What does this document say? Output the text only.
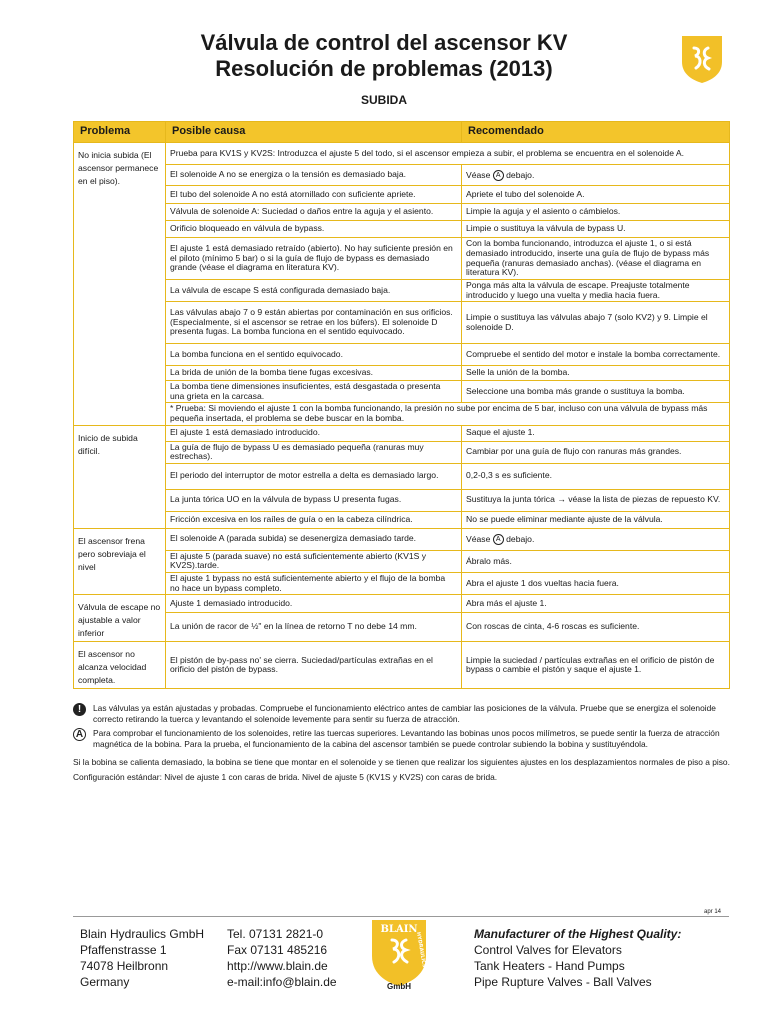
Válvula de control del ascensor KV
Resolución de problemas (2013)
SUBIDA
Problema	Posible causa	Recomendado
No inicia subida (El ascensor permanece en el piso).	Prueba para KV1S y KV2S: Introduzca el ajuste 5 del todo, si el ascensor empieza a subir, el problema se encuentra en el solenoide A.	
	El solenoide A no se energiza o la tensión es demasiado baja.	Véase A debajo.
	El tubo del solenoide A no está atornillado con suficiente apriete.	Apriete el tubo del solenoide A.
	Válvula de solenoide A: Suciedad o daños entre la aguja y el asiento.	Limpie la aguja y el asiento o cámbielos.
	Orificio bloqueado en válvula de bypass.	Limpie o sustituya la válvula de bypass U.
	El ajuste 1 está demasiado retraído (abierto). No hay suficiente presión en el piloto (mínimo 5 bar) o si la guía de flujo de bypass es demasiado grande (véase el diagrama en literatura KV).	Con la bomba funcionando, introduzca el ajuste 1, o si está demasiado introducido, inserte una guía de flujo de bypass más pequeña (ranuras demasiado anchas). (véase el diagrama en literatura KV).
	La válvula de escape S está configurada demasiado baja.	Ponga más alta la válvula de escape. Preajuste totalmente introducido y luego una vuelta y media hacia fuera.
	Las válvulas abajo 7 o 9 están abiertas por contaminación en sus orificios. (Especialmente, si el ascensor se retrae en los búfers). El solenoide D presenta fugas. La bomba funciona en el sentido equivocado.	Limpie o sustituya las válvulas abajo 7 (solo KV2) y 9. Limpie el solenoide D.
	La bomba funciona en el sentido equivocado.	Compruebe el sentido del motor e instale la bomba correctamente.
	La brida de unión de la bomba tiene fugas excesivas.	Selle la unión de la bomba.
	La bomba tiene dimensiones insuficientes, está desgastada o presenta una grieta en la carcasa.	Seleccione una bomba más grande o sustituya la bomba.
	* Prueba: Si moviendo el ajuste 1 con la bomba funcionando, la presión no sube por encima de 5 bar, incluso con una válvula de bypass más pequeña insertada, el problema se debe buscar en la bomba.	
Inicio de subida difícil.	El ajuste 1 está demasiado introducido.	Saque el ajuste 1.
	La guía de flujo de bypass U es demasiado pequeña (ranuras muy estrechas).	Cambiar por una guía de flujo con ranuras más grandes.
	El periodo del interruptor de motor estrella a delta es demasiado largo.	0,2-0,3 s es suficiente.
	La junta tórica UO en la válvula de bypass U presenta fugas.	Sustituya la junta tórica → véase la lista de piezas de repuesto KV.
	Fricción excesiva en los raíles de guía o en la cabeza cilíndrica.	No se puede eliminar mediante ajuste de la válvula.
El ascensor frena pero sobreviaja el nivel	El solenoide A (parada subida) se desenergiza demasiado tarde.	Véase A debajo.
	El ajuste 5 (parada suave) no está suficientemente abierto (KV1S y KV2S).tarde.	Ábralo más.
	El ajuste 1 bypass no está suficientemente abierto y el flujo de la bomba no hace un bypass completo.	Abra el ajuste 1 dos vueltas hacia fuera.
Válvula de escape no ajustable a valor inferior	Ajuste 1 demasiado introducido.	Abra más el ajuste 1.
	La unión de racor de ½" en la línea de retorno T no debe 14 mm.	Con roscas de cinta, 4-6 roscas es suficiente.
El ascensor no alcanza velocidad completa.	El pistón de by-pass no' se cierra. Suciedad/partículas extrañas en el orificio del pistón de bypass.	Limpie la suciedad / partículas extrañas en el orificio de pistón de bypass o cambie el pistón y saque el ajuste 1.
!	Las válvulas ya están ajustadas y probadas. Compruebe el funcionamiento eléctrico antes de cambiar las posiciones de la válvula. Pruebe que se energiza el solenoide correcto retirando la tuerca y levantando el solenoide levemente para sentir su fuerza de atracción.
A	Para comprobar el funcionamiento de los solenoides, retire las tuercas superiores. Levantando las bobinas unos pocos milímetros, se puede sentir la fuerza de atracción magnética de la bobina. Para la prueba, el funcionamiento de la cabina del ascensor también se puede controlar subiendo la bobina y sustituyéndola.
Si la bobina se calienta demasiado, la bobina se tiene que montar en el solenoide y se tienen que realizar los siguientes ajustes en los desplazamientos normales de piso a piso.
Configuración estándar: Nivel de ajuste 1 con caras de brida. Nivel de ajuste 5 (KV1S y KV2S) con caras de brida.
apr 14
Blain Hydraulics GmbH
Pfaffenstrasse 1
74078 Heilbronn
Germany
Tel. 07131 2821-0
Fax 07131 485216
http://www.blain.de
e-mail:info@blain.de
BLAIN
HYDRAULICS
GmbH
Manufacturer of the Highest Quality:
Control Valves for Elevators
Tank Heaters - Hand Pumps
Pipe Rupture Valves - Ball Valves
